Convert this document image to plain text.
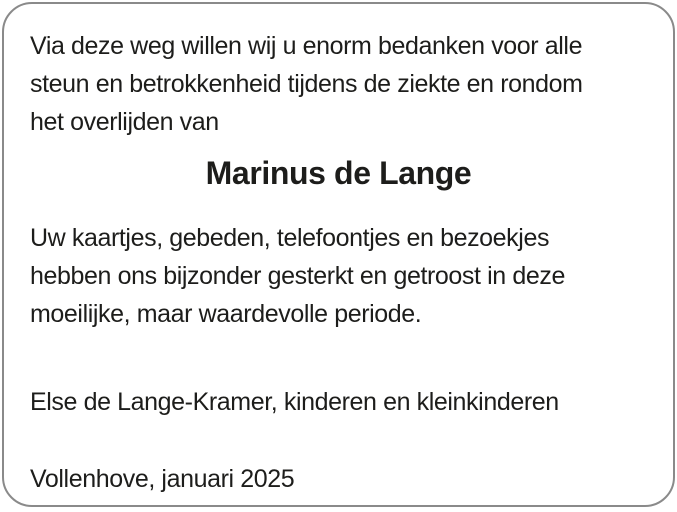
Via deze weg willen wij u enorm bedanken voor alle
steun en betrokkenheid tijdens de ziekte en rondom
het overlijden van
Marinus de Lange
Uw kaartjes, gebeden, telefoontjes en bezoekjes
hebben ons bijzonder gesterkt en getroost in deze
moeilijke, maar waardevolle periode.
Else de Lange-Kramer, kinderen en kleinkinderen
Vollenhove, januari 2025
